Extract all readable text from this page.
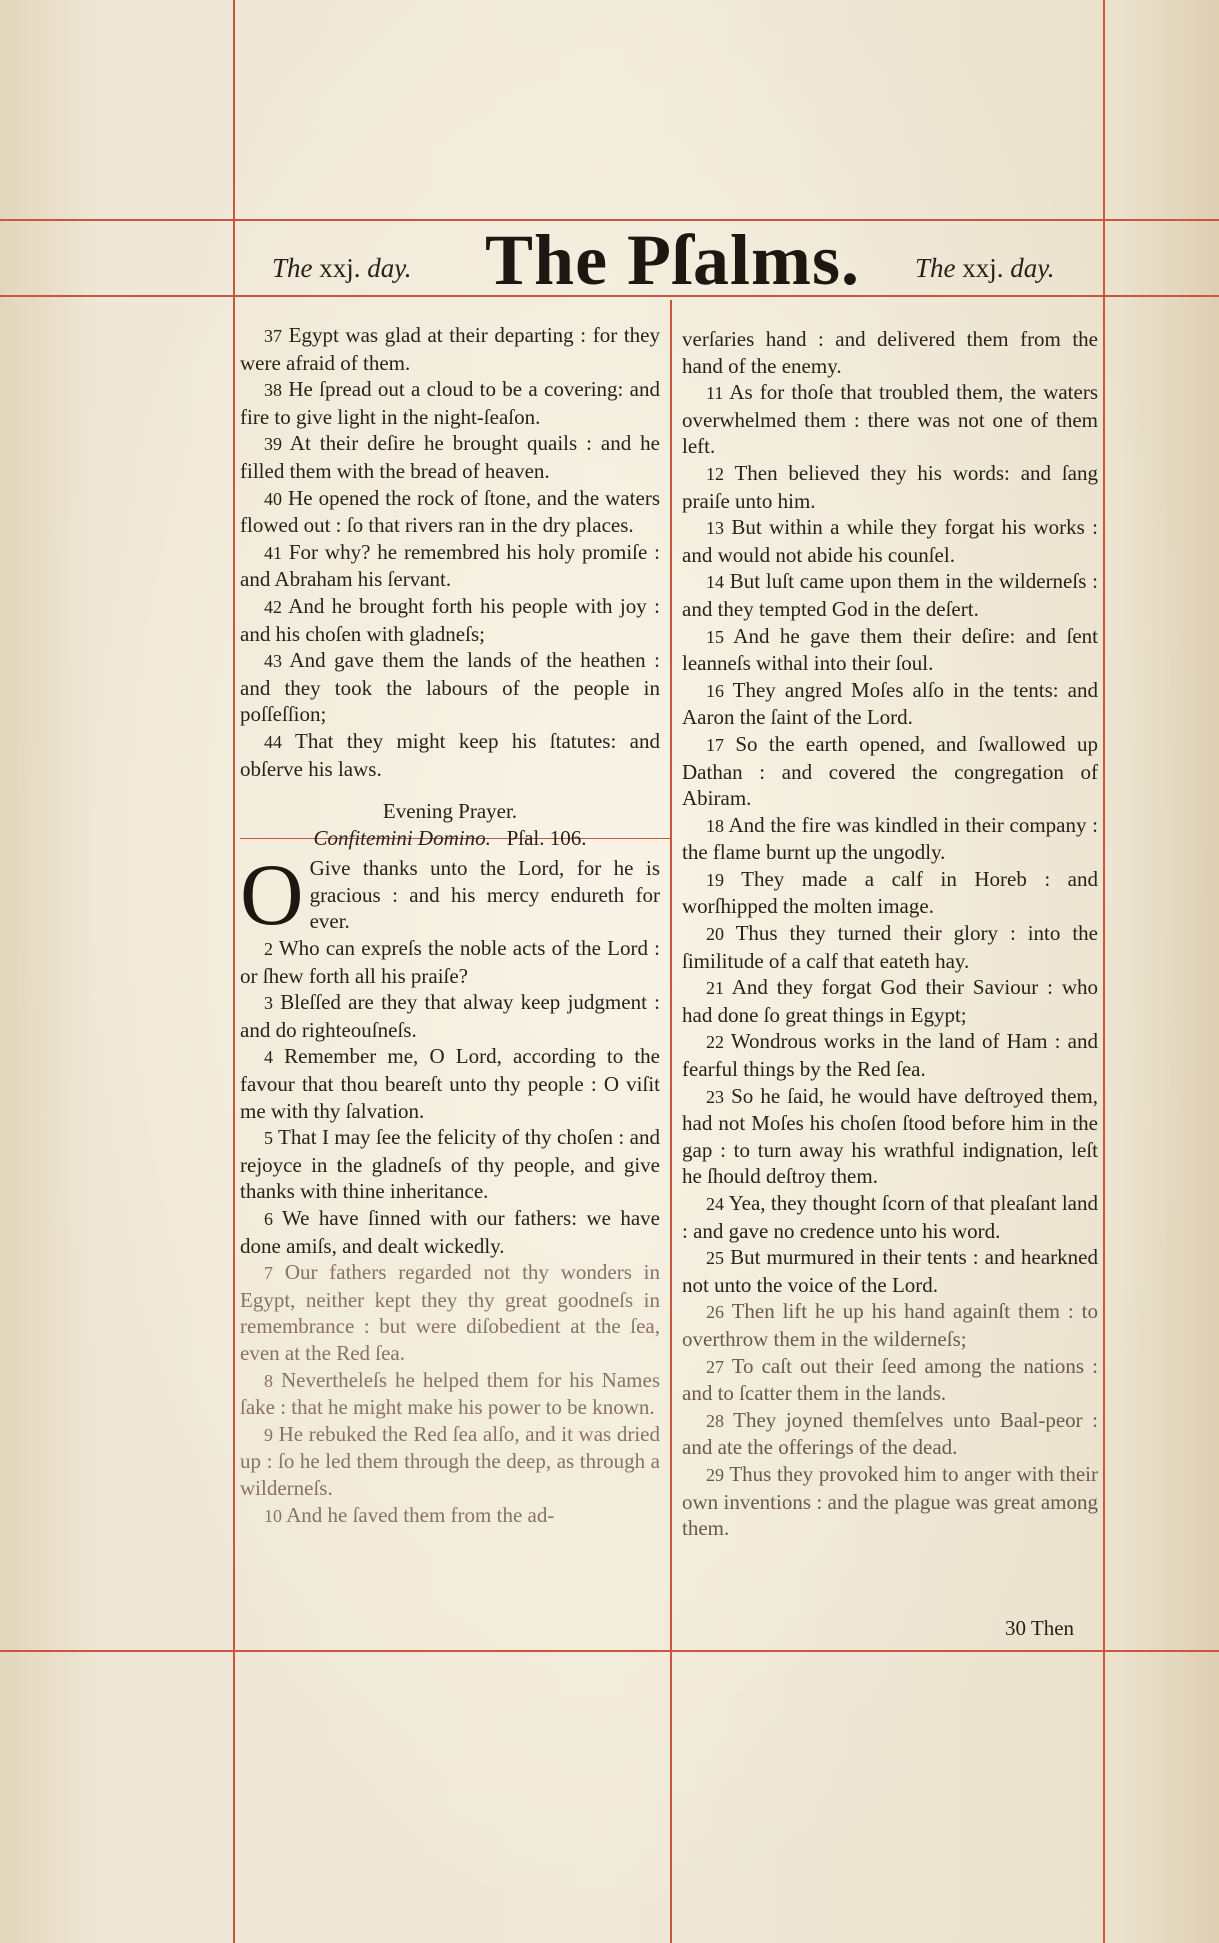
The xxj. day. The Pſalms. The xxj. day.

37 Egypt was glad at their departing : for they were afraid of them.

38 He ſpread out a cloud to be a covering: and fire to give light in the night-ſeaſon.

39 At their deſire he brought quails : and he filled them with the bread of heaven.

40 He opened the rock of ſtone, and the waters flowed out : ſo that rivers ran in the dry places.

41 For why? he remembred his holy promiſe : and Abraham his ſervant.

42 And he brought forth his people with joy : and his choſen with gladneſs;

43 And gave them the lands of the heathen : and they took the labours of the people in poſſeſſion;

44 That they might keep his ſtatutes: and obſerve his laws.

Evening Prayer.

Confitemini Domino. Pſal. 106.

O Give thanks unto the Lord, for he is gracious : and his mercy endureth for ever.

2 Who can expreſs the noble acts of the Lord : or ſhew forth all his praiſe?

3 Bleſſed are they that alway keep judgment : and do righteouſneſs.

4 Remember me, O Lord, according to the favour that thou beareſt unto thy people : O viſit me with thy ſalvation.

5 That I may ſee the felicity of thy choſen : and rejoyce in the gladneſs of thy people, and give thanks with thine inheritance.

6 We have ſinned with our fathers: we have done amiſs, and dealt wickedly.

7 Our fathers regarded not thy wonders in Egypt, neither kept they thy great goodneſs in remembrance : but were diſobedient at the ſea, even at the Red ſea.

8 Nevertheleſs he helped them for his Names ſake : that he might make his power to be known.

9 He rebuked the Red ſea alſo, and it was dried up : ſo he led them through the deep, as through a wilderneſs.

10 And he ſaved them from the ad-

verſaries hand : and delivered them from the hand of the enemy.

11 As for thoſe that troubled them, the waters overwhelmed them : there was not one of them left.

12 Then believed they his words: and ſang praiſe unto him.

13 But within a while they forgat his works : and would not abide his counſel.

14 But luſt came upon them in the wilderneſs : and they tempted God in the deſert.

15 And he gave them their deſire: and ſent leanneſs withal into their ſoul.

16 They angred Moſes alſo in the tents: and Aaron the ſaint of the Lord.

17 So the earth opened, and ſwallowed up Dathan : and covered the congregation of Abiram.

18 And the fire was kindled in their company : the flame burnt up the ungodly.

19 They made a calf in Horeb : and worſhipped the molten image.

20 Thus they turned their glory : into the ſimilitude of a calf that eateth hay.

21 And they forgat God their Saviour : who had done ſo great things in Egypt;

22 Wondrous works in the land of Ham : and fearful things by the Red ſea.

23 So he ſaid, he would have deſtroyed them, had not Moſes his choſen ſtood before him in the gap : to turn away his wrathful indignation, leſt he ſhould deſtroy them.

24 Yea, they thought ſcorn of that pleaſant land : and gave no credence unto his word.

25 But murmured in their tents : and hearkned not unto the voice of the Lord.

26 Then lift he up his hand againſt them : to overthrow them in the wilderneſs;

27 To caſt out their ſeed among the nations : and to ſcatter them in the lands.

28 They joyned themſelves unto Baal-peor : and ate the offerings of the dead.

29 Thus they provoked him to anger with their own inventions : and the plague was great among them.

30 Then
